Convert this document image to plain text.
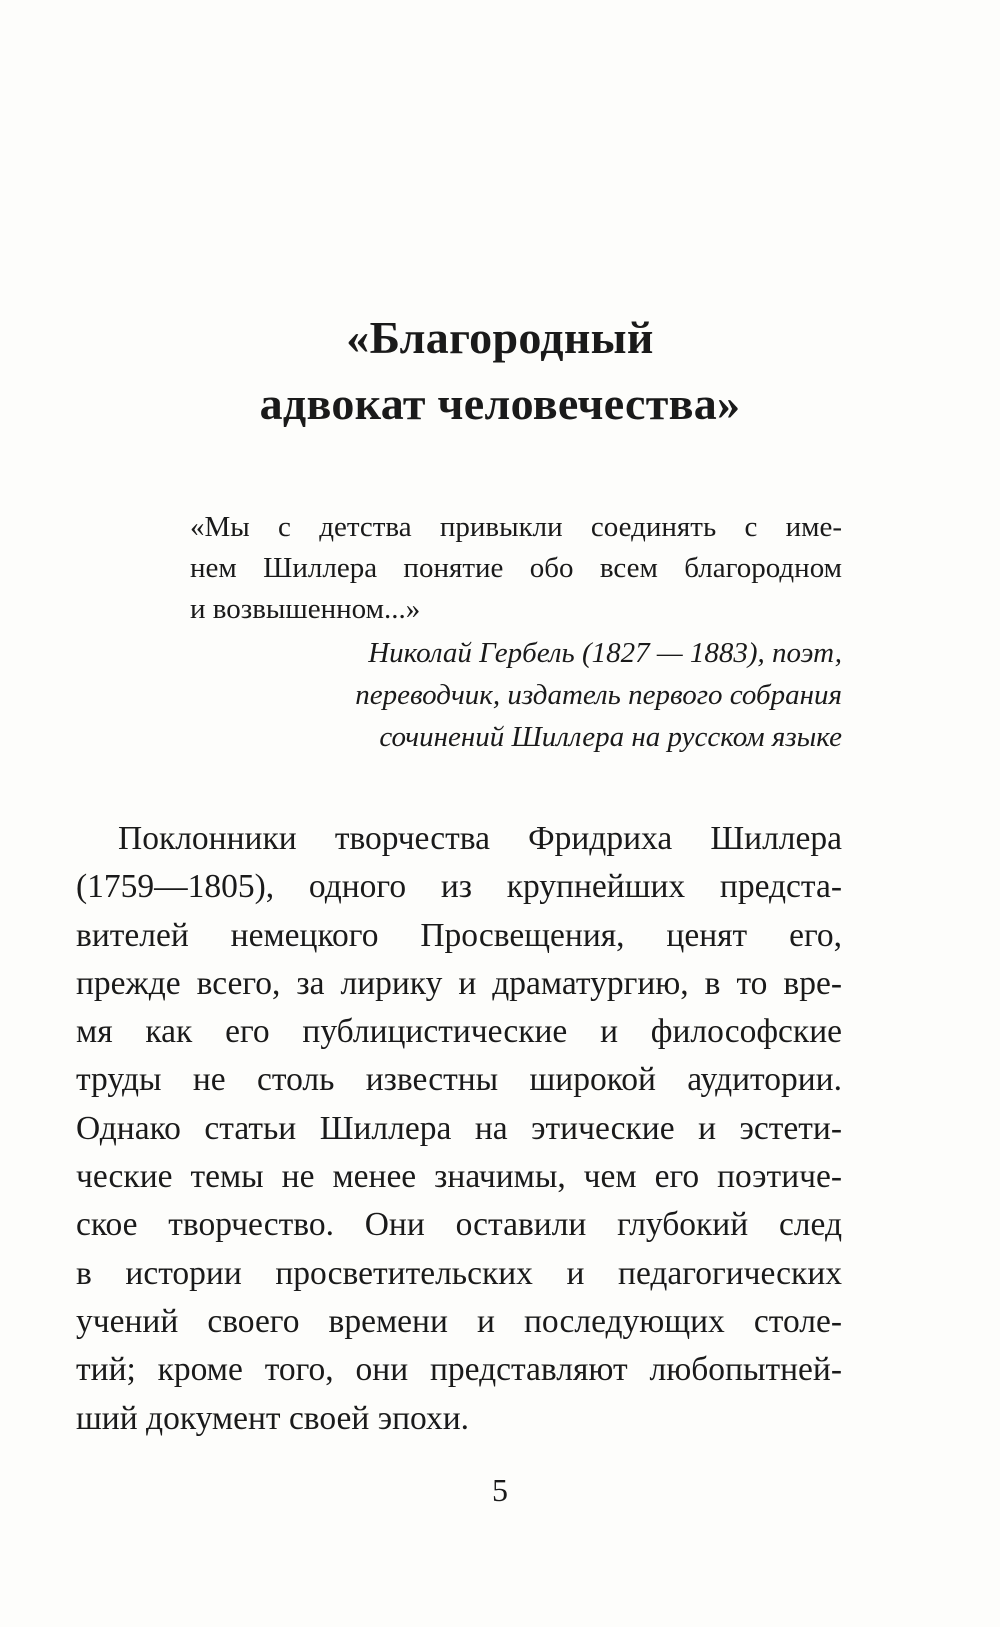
«Благородный
адвокат человечества»
«Мы с детства привыкли соединять с име-
нем Шиллера понятие обо всем благородном
и возвышенном...»
Николай Гербель (1827 — 1883), поэт,
переводчик, издатель первого собрания
сочинений Шиллера на русском языке
Поклонники творчества Фридриха Шиллера
(1759—1805), одного из крупнейших предста-
вителей немецкого Просвещения, ценят его,
прежде всего, за лирику и драматургию, в то вре-
мя как его публицистические и философские
труды не столь известны широкой аудитории.
Однако статьи Шиллера на этические и эстети-
ческие темы не менее значимы, чем его поэтиче-
ское творчество. Они оставили глубокий след
в истории просветительских и педагогических
учений своего времени и последующих столе-
тий; кроме того, они представляют любопытней-
ший документ своей эпохи.
5
